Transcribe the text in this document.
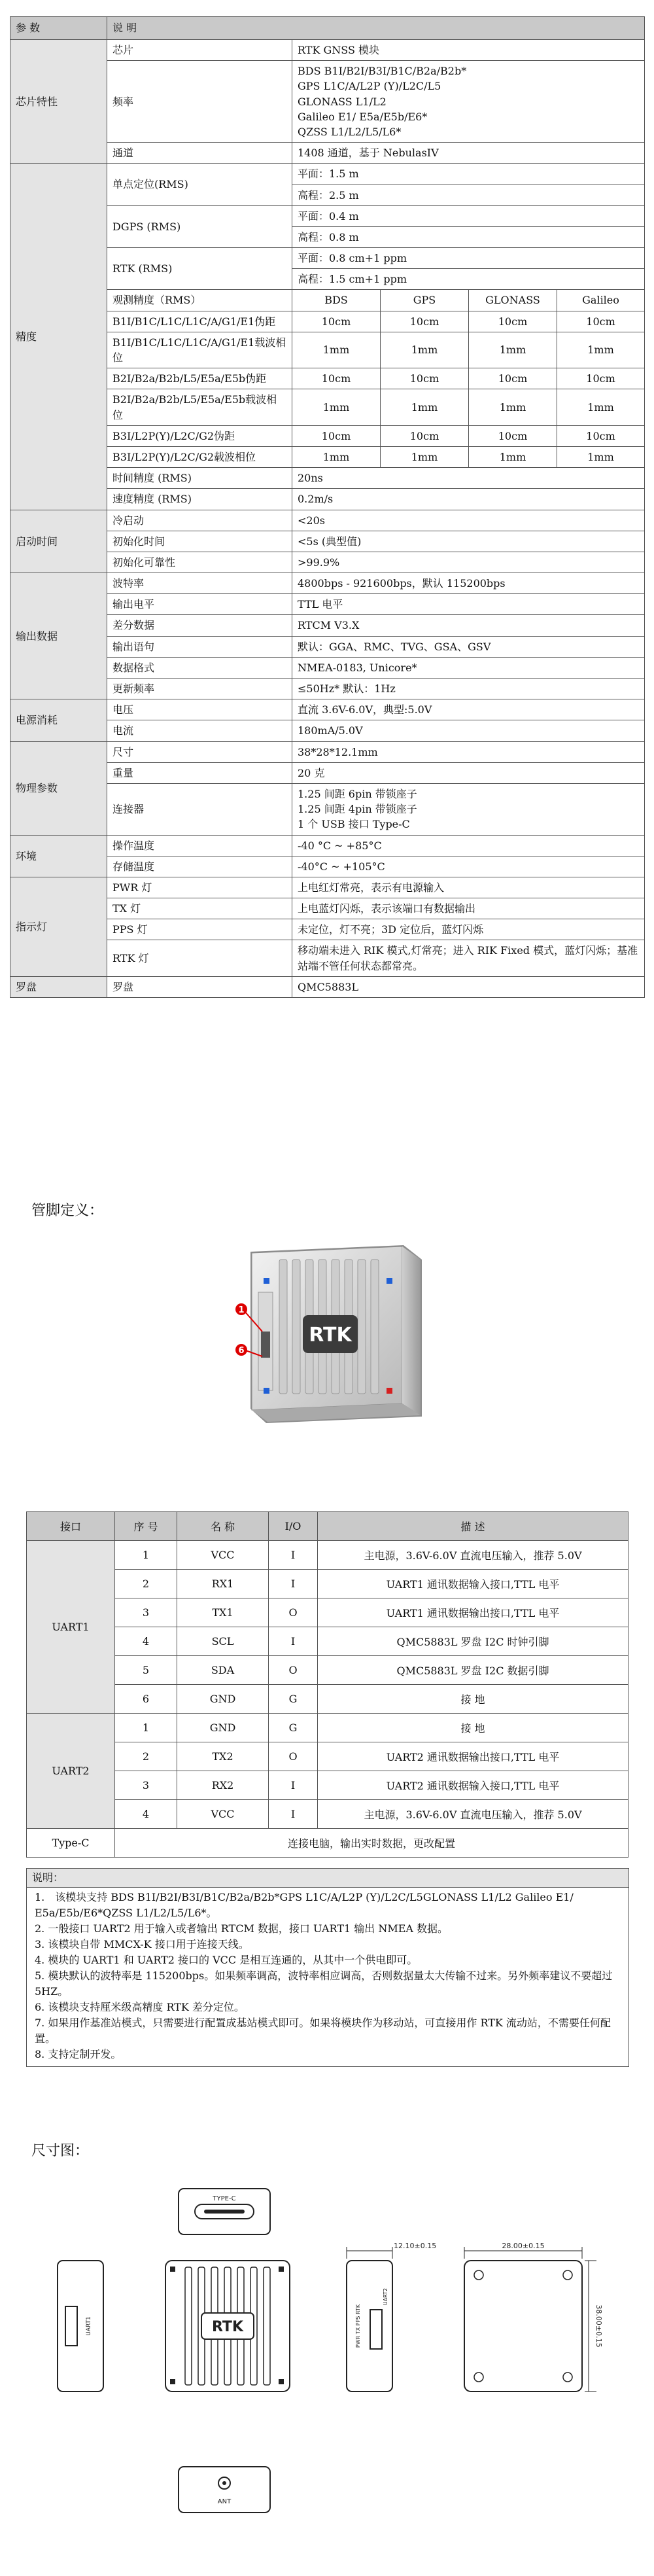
参 数	说 明				
芯片特性	芯片	RTK GNSS 模块			
	频率	BDS B1I/B2I/B3I/B1C/B2a/B2b*
GPS L1C/A/L2P (Y)/L2C/L5
GLONASS L1/L2
Galileo E1/ E5a/E5b/E6*
QZSS L1/L2/L5/L6*			

	通道	1408 通道，基于 NebulasIV			
精度	单点定位(RMS)	平面：1.5 m			
		高程：2.5 m			
	DGPS (RMS)	平面：0.4 m			
		高程：0.8 m			
	RTK (RMS)	平面：0.8 cm+1 ppm			
		高程：1.5 cm+1 ppm			
	观测精度（RMS）	BDS	GPS	GLONASS	Galileo
	B1I/B1C/L1C/L1C/A/G1/E1伪距	10cm	10cm	10cm	10cm
	B1I/B1C/L1C/L1C/A/G1/E1载波相位	1mm	1mm	1mm	1mm
	B2I/B2a/B2b/L5/E5a/E5b伪距	10cm	10cm	10cm	10cm
	B2I/B2a/B2b/L5/E5a/E5b载波相位	1mm	1mm	1mm	1mm
	B3I/L2P(Y)/L2C/G2伪距	10cm	10cm	10cm	10cm
	B3I/L2P(Y)/L2C/G2载波相位	1mm	1mm	1mm	1mm
	时间精度 (RMS)	20ns			
	速度精度 (RMS)	0.2m/s			
启动时间	冷启动	<20s			
	初始化时间	<5s (典型值)			
	初始化可靠性	>99.9%			
输出数据	波特率	4800bps - 921600bps，默认 115200bps			
	输出电平	TTL 电平			
	差分数据	RTCM V3.X			
	输出语句	默认：GGA、RMC、TVG、GSA、GSV			
	数据格式	NMEA-0183, Unicore*			
	更新频率	≤50Hz* 默认：1Hz			
电源消耗	电压	直流 3.6V-6.0V，典型:5.0V			
	电流	180mA/5.0V			
物理参数	尺寸	38*28*12.1mm			
	重量	20 克			
	连接器	1.25 间距 6pin 带锁座子
1.25 间距 4pin 带锁座子
1 个 USB 接口 Type-C			

环境	操作温度	-40 °C ~ +85°C			
	存储温度	-40°C ~ +105°C			
指示灯	PWR 灯	上电红灯常亮，表示有电源输入			
	TX 灯	上电蓝灯闪烁，表示该端口有数据输出			
	PPS 灯	未定位，灯不亮；3D 定位后，蓝灯闪烁			
	RTK 灯	移动端未进入 RIK 模式,灯常亮；进入 RIK Fixed 模式，蓝灯闪烁；基准站端不管任何状态都常亮。			
罗盘	罗盘	QMC5883L			
管脚定义：
RTK
1
6
接口	序 号	名 称	I/O	描 述
UART1	1	VCC	I	主电源，3.6V-6.0V 直流电压输入，推荐 5.0V
	2	RX1	I	UART1 通讯数据输入接口,TTL 电平
	3	TX1	O	UART1 通讯数据输出接口,TTL 电平
	4	SCL	I	QMC5883L 罗盘 I2C 时钟引脚
	5	SDA	O	QMC5883L 罗盘 I2C 数据引脚
	6	GND	G	接 地
UART2	1	GND	G	接 地
	2	TX2	O	UART2 通讯数据输出接口,TTL 电平
	3	RX2	I	UART2 通讯数据输入接口,TTL 电平
	4	VCC	I	主电源，3.6V-6.0V 直流电压输入，推荐 5.0V
Type-C	连接电脑，输出实时数据，更改配置			
说明：
1.　该模块支持 BDS B1I/B2I/B3I/B1C/B2a/B2b*GPS L1C/A/L2P (Y)/L2C/L5GLONASS L1/L2 Galileo E1/ E5a/E5b/E6*QZSS L1/L2/L5/L6*。
2. 一般接口 UART2 用于输入或者输出 RTCM 数据，接口 UART1 输出 NMEA 数据。
3. 该模块自带 MMCX-K 接口用于连接天线。
4. 模块的 UART1 和 UART2 接口的 VCC 是相互连通的，从其中一个供电即可。
5. 模块默认的波特率是 115200bps。如果频率调高，波特率相应调高，否则数据量太大传输不过来。另外频率建议不要超过 5HZ。
6. 该模块支持厘米级高精度 RTK 差分定位。
7. 如果用作基准站模式，只需要进行配置成基站模式即可。如果将模块作为移动站，可直接用作 RTK 流动站，不需要任何配置。
8. 支持定制开发。
尺寸图：
TYPE-C
UART1	RTK
12.10±0.15
PWR TX PPS RTK
UART2
28.00±0.15
38.00±0.15
ANT
